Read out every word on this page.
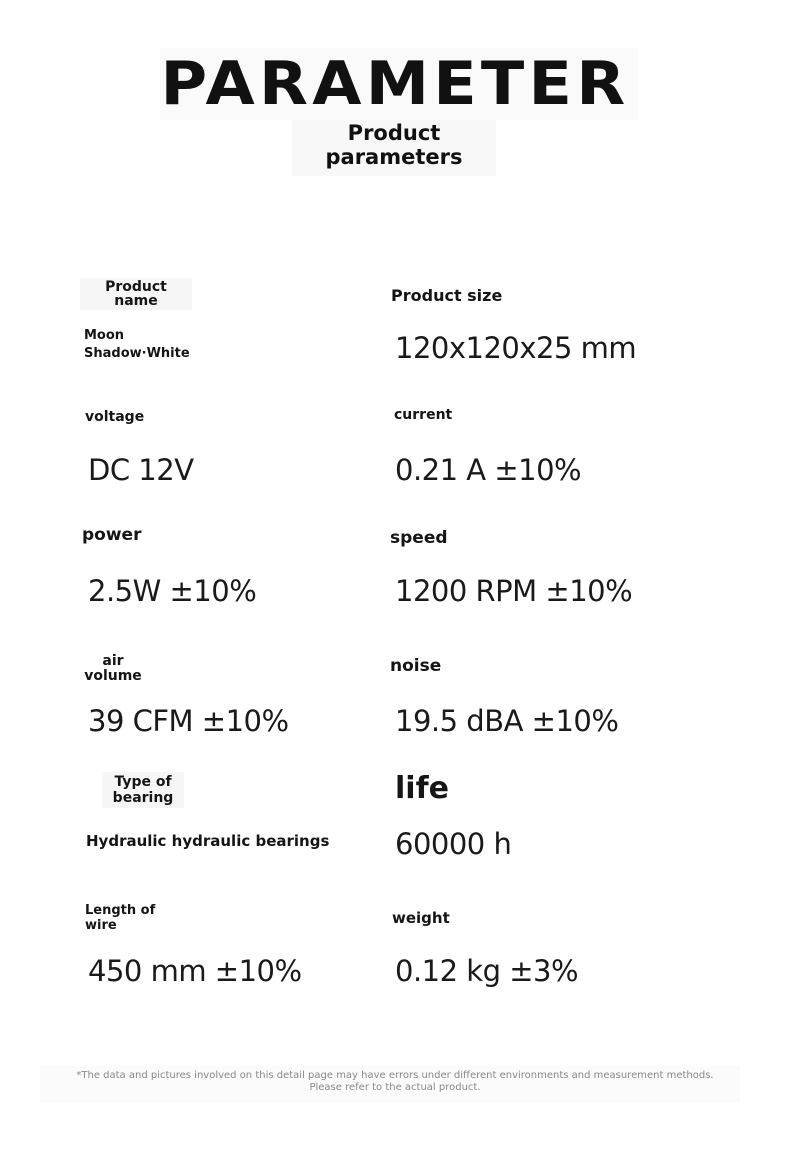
PARAMETER
Product
parameters
Product
name	Product size
Moon
Shadow·White	120x120x25 mm
voltage	current
DC 12V	0.21 A ±10%
power	speed
2.5W ±10%	1200 RPM ±10%
air
volume	noise
39 CFM ±10%	19.5 dBA ±10%
Type of
bearing	life
Hydraulic hydraulic bearings 60000 h
Length of
wire	weight
450 mm ±10%	0.12 kg ±3%
*The data and pictures involved on this detail page may have errors under different environments and measurement methods.
Please refer to the actual product.
